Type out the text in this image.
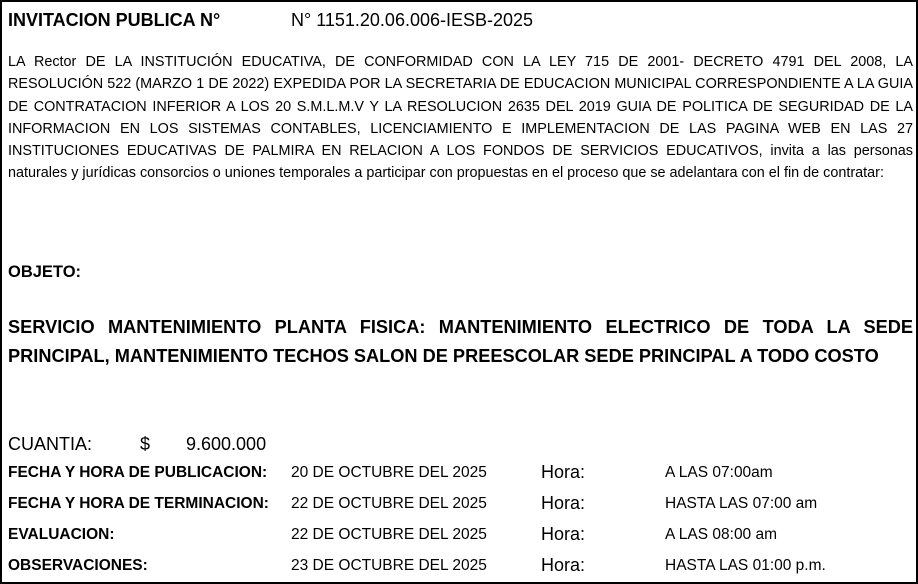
INVITACION PUBLICA N°	N° 1151.20.06.006-IESB-2025

LA Rector DE LA INSTITUCIÓN EDUCATIVA, DE CONFORMIDAD CON LA LEY 715 DE 2001- DECRETO 4791 DEL 2008, LA RESOLUCIÓN 522 (MARZO 1 DE 2022) EXPEDIDA POR LA SECRETARIA DE EDUCACION MUNICIPAL CORRESPONDIENTE A LA GUIA DE CONTRATACION INFERIOR A LOS 20 S.M.L.M.V Y LA RESOLUCION 2635 DEL 2019 GUIA DE POLITICA DE SEGURIDAD DE LA INFORMACION EN LOS SISTEMAS CONTABLES, LICENCIAMIENTO E IMPLEMENTACION DE LAS PAGINA WEB EN LAS 27 INSTITUCIONES EDUCATIVAS DE PALMIRA EN RELACION A LOS FONDOS DE SERVICIOS EDUCATIVOS, invita a las personas naturales y jurídicas consorcios o uniones temporales a participar con propuestas en el proceso que se adelantara con el fin de contratar:

OBJETO:

SERVICIO MANTENIMIENTO PLANTA FISICA: MANTENIMIENTO ELECTRICO DE TODA LA SEDE PRINCIPAL, MANTENIMIENTO TECHOS SALON DE PREESCOLAR SEDE PRINCIPAL A TODO COSTO

CUANTIA:	$ 9.600.000
FECHA Y HORA DE PUBLICACION:	20 DE OCTUBRE DEL 2025	Hora:	A LAS 07:00am
FECHA Y HORA DE TERMINACION:	22 DE OCTUBRE DEL 2025	Hora:	HASTA LAS 07:00 am
EVALUACION:	22 DE OCTUBRE DEL 2025	Hora:	A LAS 08:00 am
OBSERVACIONES:	23 DE OCTUBRE DEL 2025	Hora:	HASTA LAS 01:00 p.m.
